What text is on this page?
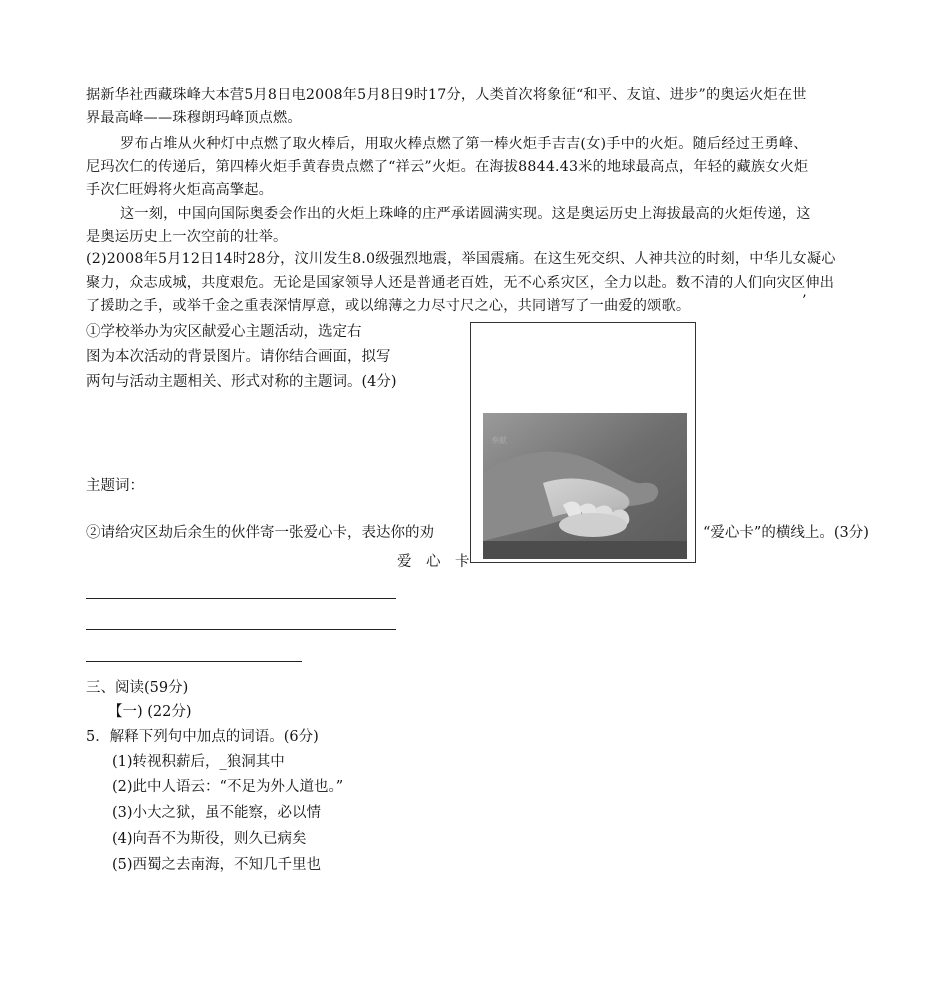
据新华社西藏珠峰大本营5月8日电2008年5月8日9时17分，人类首次将象征“和平、友谊、进步”的奥运火炬在世
界最高峰——珠穆朗玛峰顶点燃。
罗布占堆从火种灯中点燃了取火棒后，用取火棒点燃了第一棒火炬手吉吉(女)手中的火炬。随后经过王勇峰、
尼玛次仁的传递后，第四棒火炬手黄春贵点燃了“祥云”火炬。在海拔8844.43米的地球最高点，年轻的藏族女火炬
手次仁旺姆将火炬高高擎起。
这一刻，中国向国际奥委会作出的火炬上珠峰的庄严承诺圆满实现。这是奥运历史上海拔最高的火炬传递，这
是奥运历史上一次空前的壮举。
(2)2008年5月12日14时28分，汶川发生8.0级强烈地震，举国震痛。在这生死交织、人神共泣的时刻，中华儿女凝心
聚力，众志成城，共度艰危。无论是国家领导人还是普通老百姓，无不心系灾区，全力以赴。数不清的人们向灾区伸出
了援助之手，或举千金之重表深情厚意，或以绵薄之力尽寸尺之心，共同谱写了一曲爱的颂歌。	’
①学校举办为灾区献爱心主题活动，选定右
图为本次活动的背景图片。请你结合画面，拟写
两句与活动主题相关、形式对称的主题词。(4分)
主题词：
②请给灾区劫后余生的伙伴寄一张爱心卡，表达你的劝	“爱心卡”的横线上。(3分)
爱　心　卡
奉献
三、阅读(59分)
【一) (22分)
5．解释下列句中加点的词语。(6分)
(1)转视积薪后，_狼洞其中
(2)此中人语云：“不足为外人道也。”
(3)小大之狱，虽不能察，必以情
(4)向吾不为斯役，则久已病矣
(5)西蜀之去南海，不知几千里也
